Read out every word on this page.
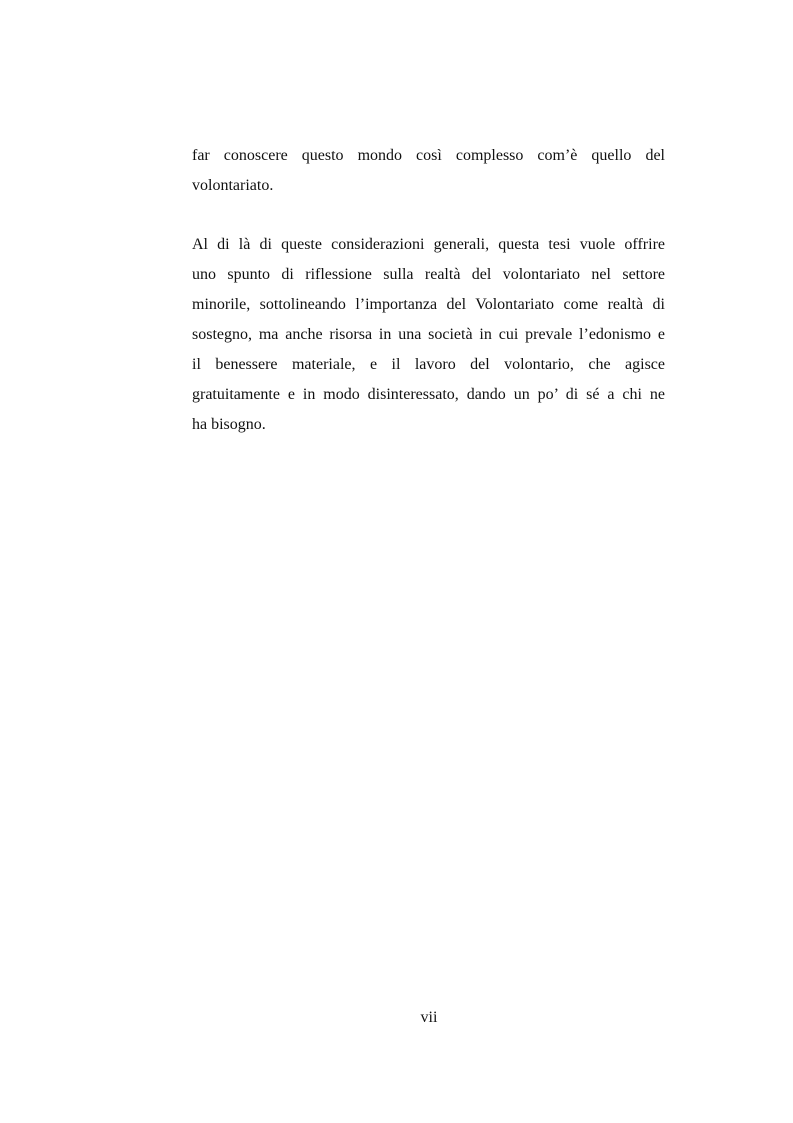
far conoscere questo mondo così complesso com’è quello del
volontariato.
Al di là di queste considerazioni generali, questa tesi vuole offrire
uno spunto di riflessione sulla realtà del volontariato nel settore
minorile, sottolineando l’importanza del Volontariato come realtà di
sostegno, ma anche risorsa in una società in cui prevale l’edonismo e
il benessere materiale, e il lavoro del volontario, che agisce
gratuitamente e in modo disinteressato, dando un po’ di sé a chi ne
ha bisogno.
vii
